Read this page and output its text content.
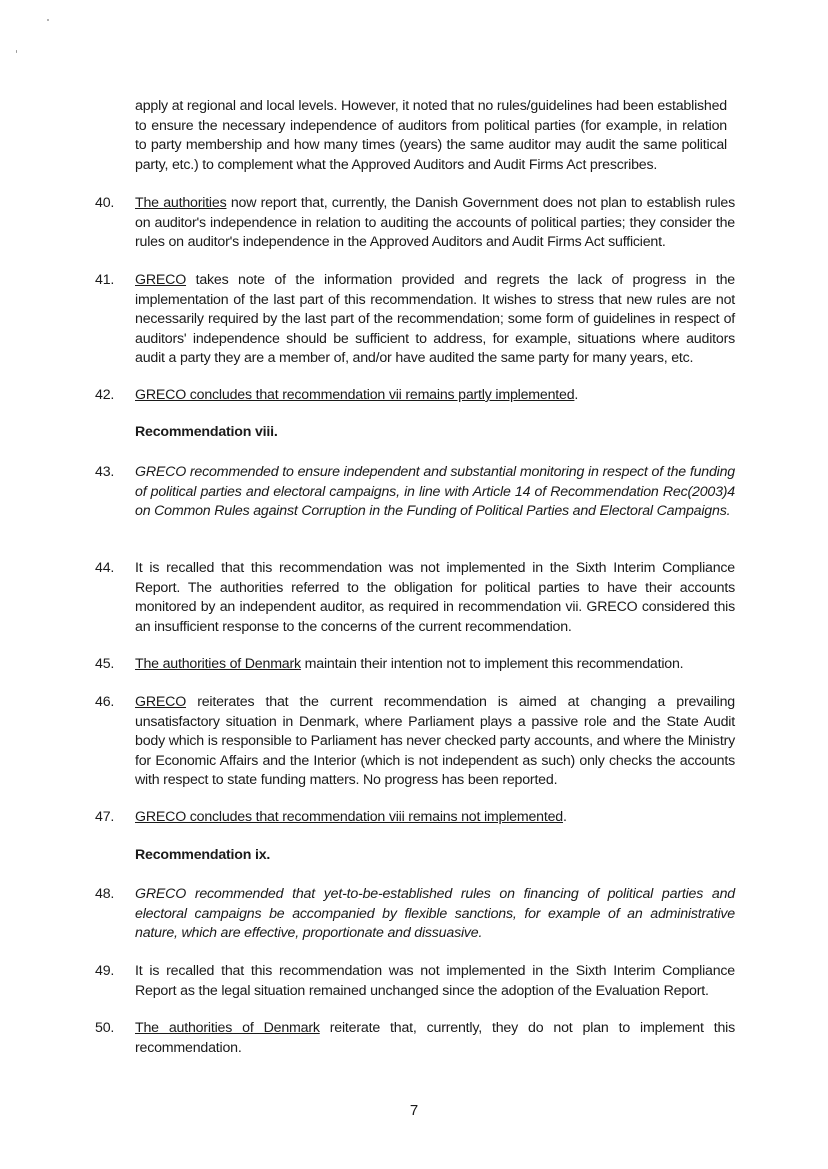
apply at regional and local levels. However, it noted that no rules/guidelines had been established to ensure the necessary independence of auditors from political parties (for example, in relation to party membership and how many times (years) the same auditor may audit the same political party, etc.) to complement what the Approved Auditors and Audit Firms Act prescribes.
40.	The authorities now report that, currently, the Danish Government does not plan to establish rules on auditor's independence in relation to auditing the accounts of political parties; they consider the rules on auditor's independence in the Approved Auditors and Audit Firms Act sufficient.
41.	GRECO takes note of the information provided and regrets the lack of progress in the implementation of the last part of this recommendation. It wishes to stress that new rules are not necessarily required by the last part of the recommendation; some form of guidelines in respect of auditors' independence should be sufficient to address, for example, situations where auditors audit a party they are a member of, and/or have audited the same party for many years, etc.
42.	GRECO concludes that recommendation vii remains partly implemented.
Recommendation viii.
43.	GRECO recommended to ensure independent and substantial monitoring in respect of the funding of political parties and electoral campaigns, in line with Article 14 of Recommendation Rec(2003)4 on Common Rules against Corruption in the Funding of Political Parties and Electoral Campaigns.
44.	It is recalled that this recommendation was not implemented in the Sixth Interim Compliance Report. The authorities referred to the obligation for political parties to have their accounts monitored by an independent auditor, as required in recommendation vii. GRECO considered this an insufficient response to the concerns of the current recommendation.
45.	The authorities of Denmark maintain their intention not to implement this recommendation.
46.	GRECO reiterates that the current recommendation is aimed at changing a prevailing unsatisfactory situation in Denmark, where Parliament plays a passive role and the State Audit body which is responsible to Parliament has never checked party accounts, and where the Ministry for Economic Affairs and the Interior (which is not independent as such) only checks the accounts with respect to state funding matters. No progress has been reported.
47.	GRECO concludes that recommendation viii remains not implemented.
Recommendation ix.
48.	GRECO recommended that yet-to-be-established rules on financing of political parties and electoral campaigns be accompanied by flexible sanctions, for example of an administrative nature, which are effective, proportionate and dissuasive.
49.	It is recalled that this recommendation was not implemented in the Sixth Interim Compliance Report as the legal situation remained unchanged since the adoption of the Evaluation Report.
50.	The authorities of Denmark reiterate that, currently, they do not plan to implement this recommendation.
7
